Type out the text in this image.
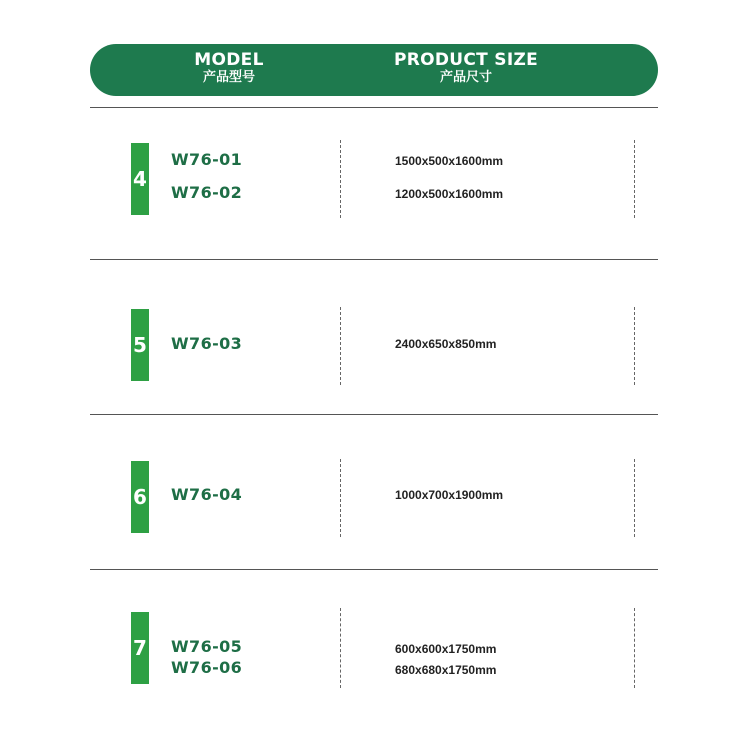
MODEL
产品型号
PRODUCT SIZE
产品尺寸
4
W76-01
W76-02
1500x500x1600mm
1200x500x1600mm
5 W76-03	2400x650x850mm
6 W76-04	1000x700x1900mm
7 W76-05
W76-06
600x600x1750mm
680x680x1750mm
